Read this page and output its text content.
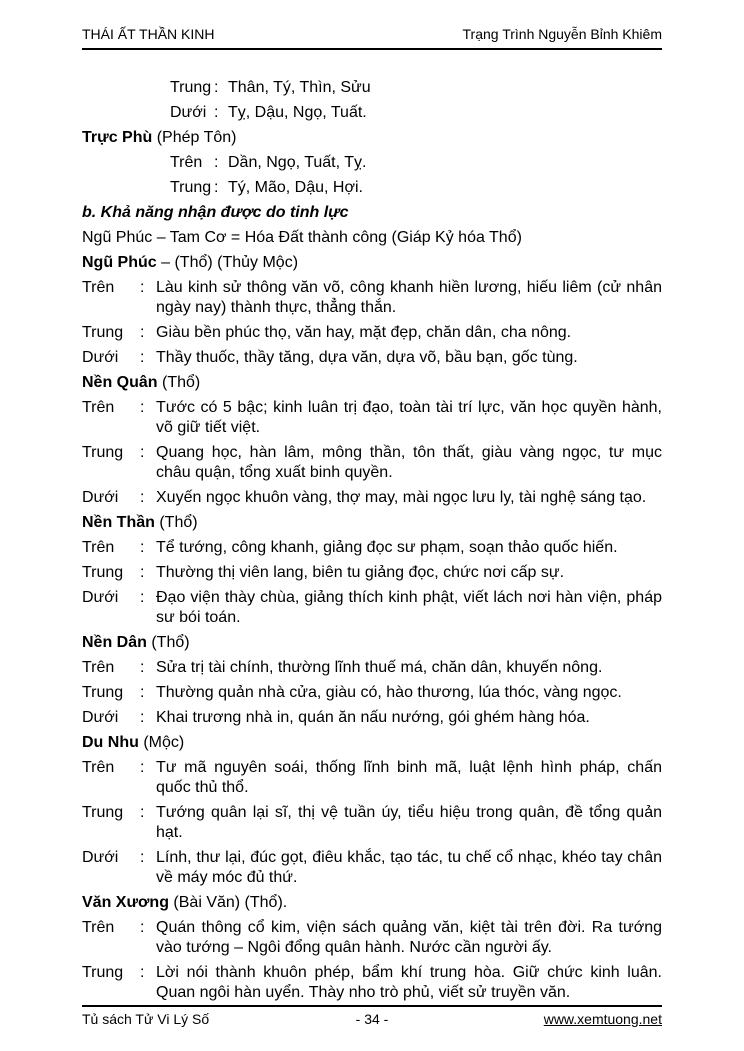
THÁI ẤT THẦN KINH	Trạng Trình Nguyễn Bỉnh Khiêm
Trung : Thân, Tý, Thìn, Sửu
Dưới : Tỵ, Dậu, Ngọ, Tuất.
Trực Phù (Phép Tôn)
Trên : Dần, Ngọ, Tuất, Tỵ.
Trung : Tý, Mão, Dậu, Hợi.
b. Khả năng nhận được do tinh lực
Ngũ Phúc – Tam Cơ = Hóa Đất thành công (Giáp Kỷ hóa Thổ)
Ngũ Phúc – (Thổ) (Thủy Mộc)
Trên	: Làu kinh sử thông văn võ, công khanh hiền lương, hiếu liêm (cử nhân ngày nay) thành thực, thẳng thắn.
Trung	: Giàu bền phúc thọ, văn hay, mặt đẹp, chăn dân, cha nông.
Dưới	: Thầy thuốc, thầy tăng, dựa văn, dựa võ, bầu bạn, gốc tùng.
Nền Quân (Thổ)
Trên	: Tước có 5 bậc; kinh luân trị đạo, toàn tài trí lực, văn học quyền hành, võ giữ tiết việt.
Trung	: Quang học, hàn lâm, mông thần, tôn thất, giàu vàng ngọc, tư mục châu quận, tổng xuất binh quyền.
Dưới	: Xuyến ngọc khuôn vàng, thợ may, mài ngọc lưu ly, tài nghệ sáng tạo.
Nền Thần (Thổ)
Trên	: Tể tướng, công khanh, giảng đọc sư phạm, soạn thảo quốc hiến.
Trung	: Thường thị viên lang, biên tu giảng đọc, chức nơi cấp sự.
Dưới	: Đạo viện thày chùa, giảng thích kinh phật, viết lách nơi hàn viện, pháp sư bói toán.
Nền Dân (Thổ)
Trên	: Sửa trị tài chính, thường lĩnh thuế má, chăn dân, khuyến nông.
Trung	: Thường quản nhà cửa, giàu có, hào thương, lúa thóc, vàng ngọc.
Dưới	: Khai trương nhà in, quán ăn nấu nướng, gói ghém hàng hóa.
Du Nhu (Mộc)
Trên	: Tư mã nguyên soái, thống lĩnh binh mã, luật lệnh hình pháp, chấn quốc thủ thổ.
Trung	: Tướng quân lại sĩ, thị vệ tuần úy, tiểu hiệu trong quân, đề tổng quản hạt.
Dưới	: Lính, thư lại, đúc gọt, điêu khắc, tạo tác, tu chế cổ nhạc, khéo tay chân về máy móc đủ thứ.
Văn Xương (Bài Văn) (Thổ).
Trên	: Quán thông cổ kim, viện sách quảng văn, kiệt tài trên đời. Ra tướng vào tướng – Ngôi đổng quân hành. Nước cần người ấy.
Trung	: Lời nói thành khuôn phép, bẩm khí trung hòa. Giữ chức kinh luân. Quan ngôi hàn uyển. Thày nho trò phủ, viết sử truyền văn.
Tủ sách Tử Vi Lý Số	- 34 -	www.xemtuong.net
